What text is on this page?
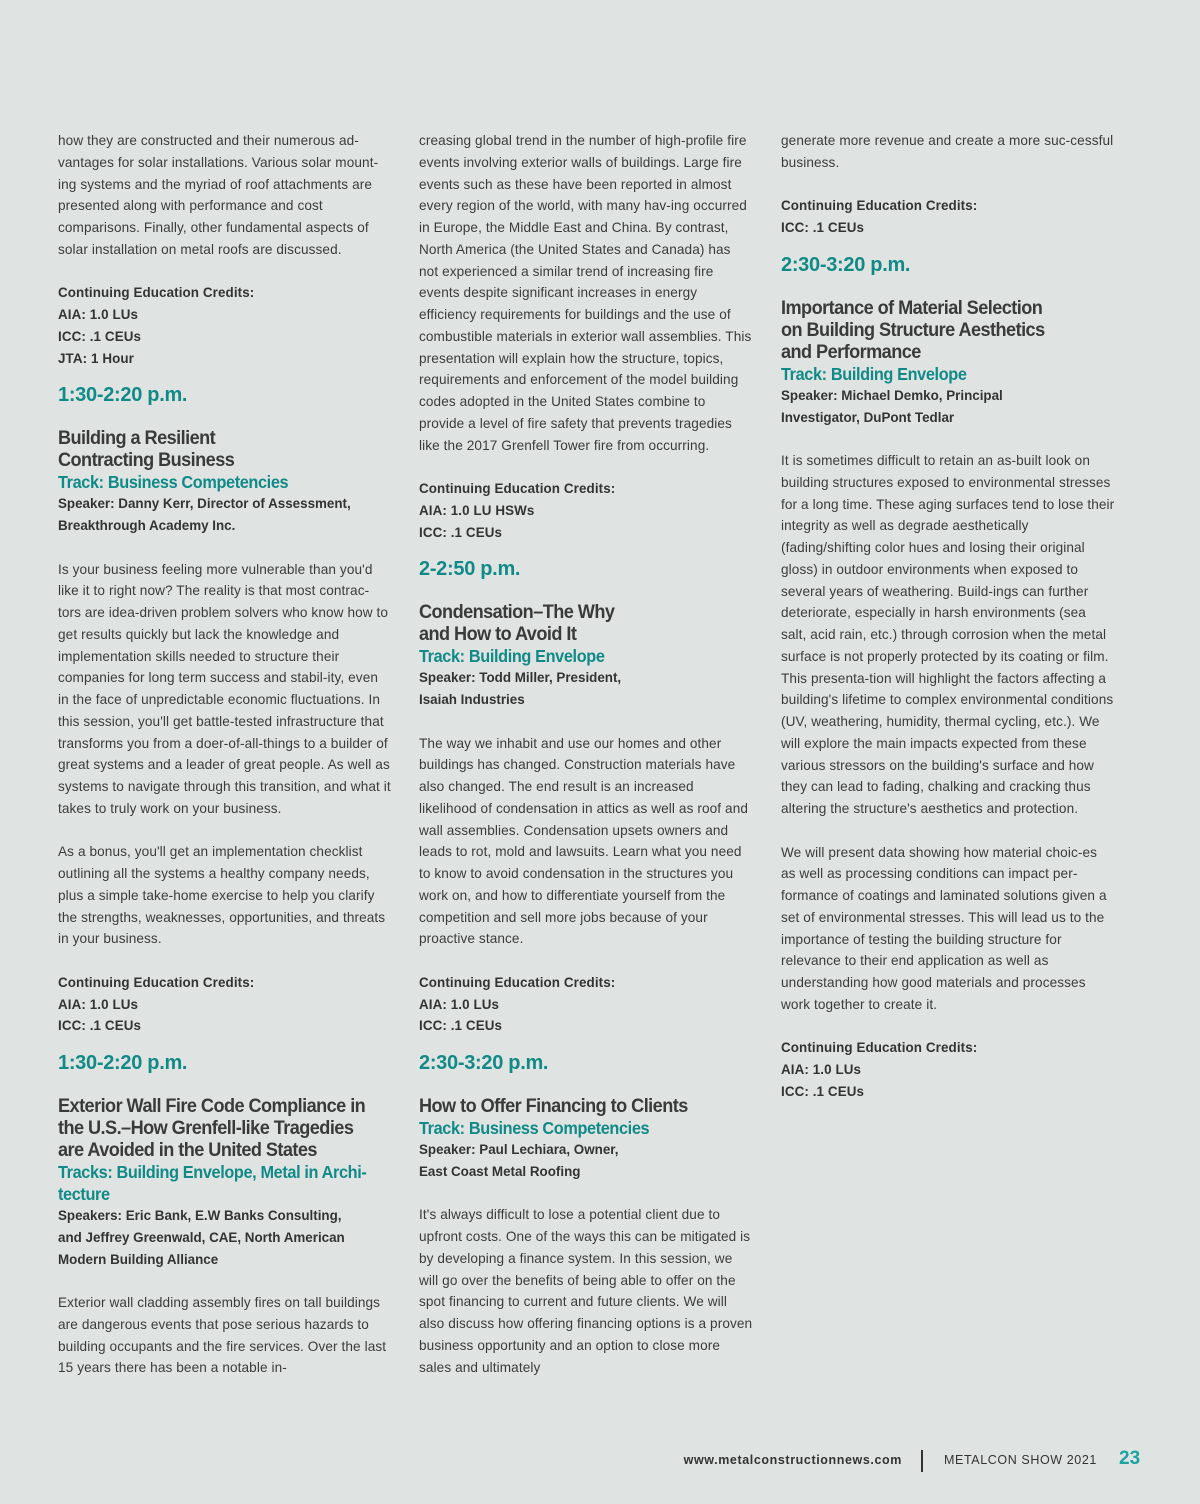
how they are constructed and their numerous ad-vantages for solar installations. Various solar mount-ing systems and the myriad of roof attachments are presented along with performance and cost comparisons. Finally, other fundamental aspects of solar installation on metal roofs are discussed.

Continuing Education Credits:

AIA: 1.0 LUs

ICC: .1 CEUs

JTA: 1 Hour

1:30-2:20 p.m.
Building a Resilient
Contracting Business
Track: Business Competencies
Speaker: Danny Kerr, Director of Assessment,
Breakthrough Academy Inc.

Is your business feeling more vulnerable than you'd like it to right now? The reality is that most contrac-tors are idea-driven problem solvers who know how to get results quickly but lack the knowledge and implementation skills needed to structure their companies for long term success and stabil-ity, even in the face of unpredictable economic fluctuations. In this session, you'll get battle-tested infrastructure that transforms you from a doer-of-all-things to a builder of great systems and a leader of great people. As well as systems to navigate through this transition, and what it takes to truly work on your business.

As a bonus, you'll get an implementation checklist outlining all the systems a healthy company needs, plus a simple take-home exercise to help you clarify the strengths, weaknesses, opportunities, and threats in your business.

Continuing Education Credits:

AIA: 1.0 LUs

ICC: .1 CEUs

1:30-2:20 p.m.
Exterior Wall Fire Code Compliance in
the U.S.–How Grenfell-like Tragedies
are Avoided in the United States
Tracks: Building Envelope, Metal in Archi-
tecture
Speakers: Eric Bank, E.W Banks Consulting,
and Jeffrey Greenwald, CAE, North American
Modern Building Alliance

Exterior wall cladding assembly fires on tall buildings are dangerous events that pose serious hazards to building occupants and the fire services. Over the last 15 years there has been a notable in-

creasing global trend in the number of high-profile fire events involving exterior walls of buildings. Large fire events such as these have been reported in almost every region of the world, with many hav-ing occurred in Europe, the Middle East and China. By contrast, North America (the United States and Canada) has not experienced a similar trend of increasing fire events despite significant increases in energy efficiency requirements for buildings and the use of combustible materials in exterior wall assemblies. This presentation will explain how the structure, topics, requirements and enforcement of the model building codes adopted in the United States combine to provide a level of fire safety that prevents tragedies like the 2017 Grenfell Tower fire from occurring.

Continuing Education Credits:

AIA: 1.0 LU HSWs

ICC: .1 CEUs

2-2:50 p.m.
Condensation–The Why
and How to Avoid It
Track: Building Envelope
Speaker: Todd Miller, President,
Isaiah Industries

The way we inhabit and use our homes and other buildings has changed. Construction materials have also changed. The end result is an increased likelihood of condensation in attics as well as roof and wall assemblies. Condensation upsets owners and leads to rot, mold and lawsuits. Learn what you need to know to avoid condensation in the structures you work on, and how to differentiate yourself from the competition and sell more jobs because of your proactive stance.

Continuing Education Credits:

AIA: 1.0 LUs

ICC: .1 CEUs

2:30-3:20 p.m.
How to Offer Financing to Clients
Track: Business Competencies
Speaker: Paul Lechiara, Owner,
East Coast Metal Roofing

It's always difficult to lose a potential client due to upfront costs. One of the ways this can be mitigated is by developing a finance system. In this session, we will go over the benefits of being able to offer on the spot financing to current and future clients. We will also discuss how offering financing options is a proven business opportunity and an option to close more sales and ultimately

generate more revenue and create a more suc-cessful business.

Continuing Education Credits:

ICC: .1 CEUs

2:30-3:20 p.m.
Importance of Material Selection
on Building Structure Aesthetics
and Performance
Track: Building Envelope
Speaker: Michael Demko, Principal
Investigator, DuPont Tedlar

It is sometimes difficult to retain an as-built look on building structures exposed to environmental stresses for a long time. These aging surfaces tend to lose their integrity as well as degrade aesthetically (fading/shifting color hues and losing their original gloss) in outdoor environments when exposed to several years of weathering. Build-ings can further deteriorate, especially in harsh environments (sea salt, acid rain, etc.) through corrosion when the metal surface is not properly protected by its coating or film. This presenta-tion will highlight the factors affecting a building's lifetime to complex environmental conditions (UV, weathering, humidity, thermal cycling, etc.). We will explore the main impacts expected from these various stressors on the building's surface and how they can lead to fading, chalking and cracking thus altering the structure's aesthetics and protection.

We will present data showing how material choic-es as well as processing conditions can impact per-formance of coatings and laminated solutions given a set of environmental stresses. This will lead us to the importance of testing the building structure for relevance to their end application as well as understanding how good materials and processes work together to create it.

Continuing Education Credits:

AIA: 1.0 LUs

ICC: .1 CEUs

www.metalconstructionnews.com	METALCON SHOW 2021 23
